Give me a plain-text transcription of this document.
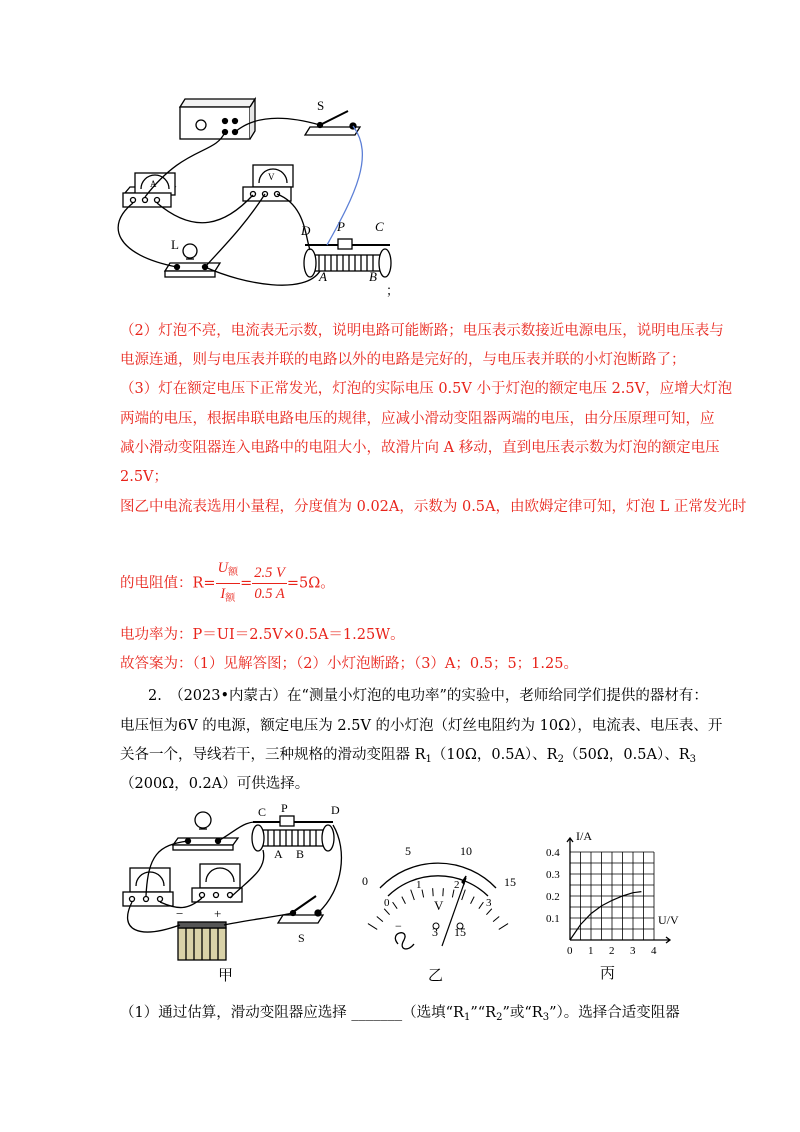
S
A
V
L
D P C
A	B
；
（2）灯泡不亮，电流表无示数，说明电路可能断路；电压表示数接近电源电压，说明电压表与
电源连通，则与电压表并联的电路以外的电路是完好的，与电压表并联的小灯泡断路了；
（3）灯在额定电压下正常发光，灯泡的实际电压 0.5V 小于灯泡的额定电压 2.5V，应增大灯泡
两端的电压，根据串联电路电压的规律，应减小滑动变阻器两端的电压，由分压原理可知，应
减小滑动变阻器连入电路中的电阻大小，故滑片向 A 移动，直到电压表示数为灯泡的额定电压
2.5V；
图乙中电流表选用小量程，分度值为 0.02A，示数为 0.5A，由欧姆定律可知，灯泡 L 正常发光时
的电阻值：$R= \frac{U_额}{I_额} = \frac{2.5 V}{0.5 A} =5\Omega$。
电功率为：P＝UI＝2.5V×0.5A＝1.25W。
故答案为：（1）见解答图；（2）小灯泡断路；（3）A；0.5；5；1.25。
2.　（2023•内蒙古）在“测量小灯泡的电功率”的实验中，老师给同学们提供的器材有：
电压恒为6V 的电源，额定电压为 2.5V 的小灯泡（灯丝电阻约为 10Ω），电流表、电压表、开
关各一个，导线若干，三种规格的滑动变阻器 $R_1(10\Omega$，0.5A）、$R_2(50\Omega$，0.5A）、$R_3$
（200Ω，0.2A）可供选择。
C P	D
A B
S
− +
甲
0
5	10
15
0
1	2
3
V
−	3 15
乙
0 1 2 3 4
0.1
0.2
0.3
0.4
I/A
U/V
丙
（1）通过估算，滑动变阻器应选择 _______（选填“$R_1”“R_2$”或“$R_3$”）。选择合适变阻器
